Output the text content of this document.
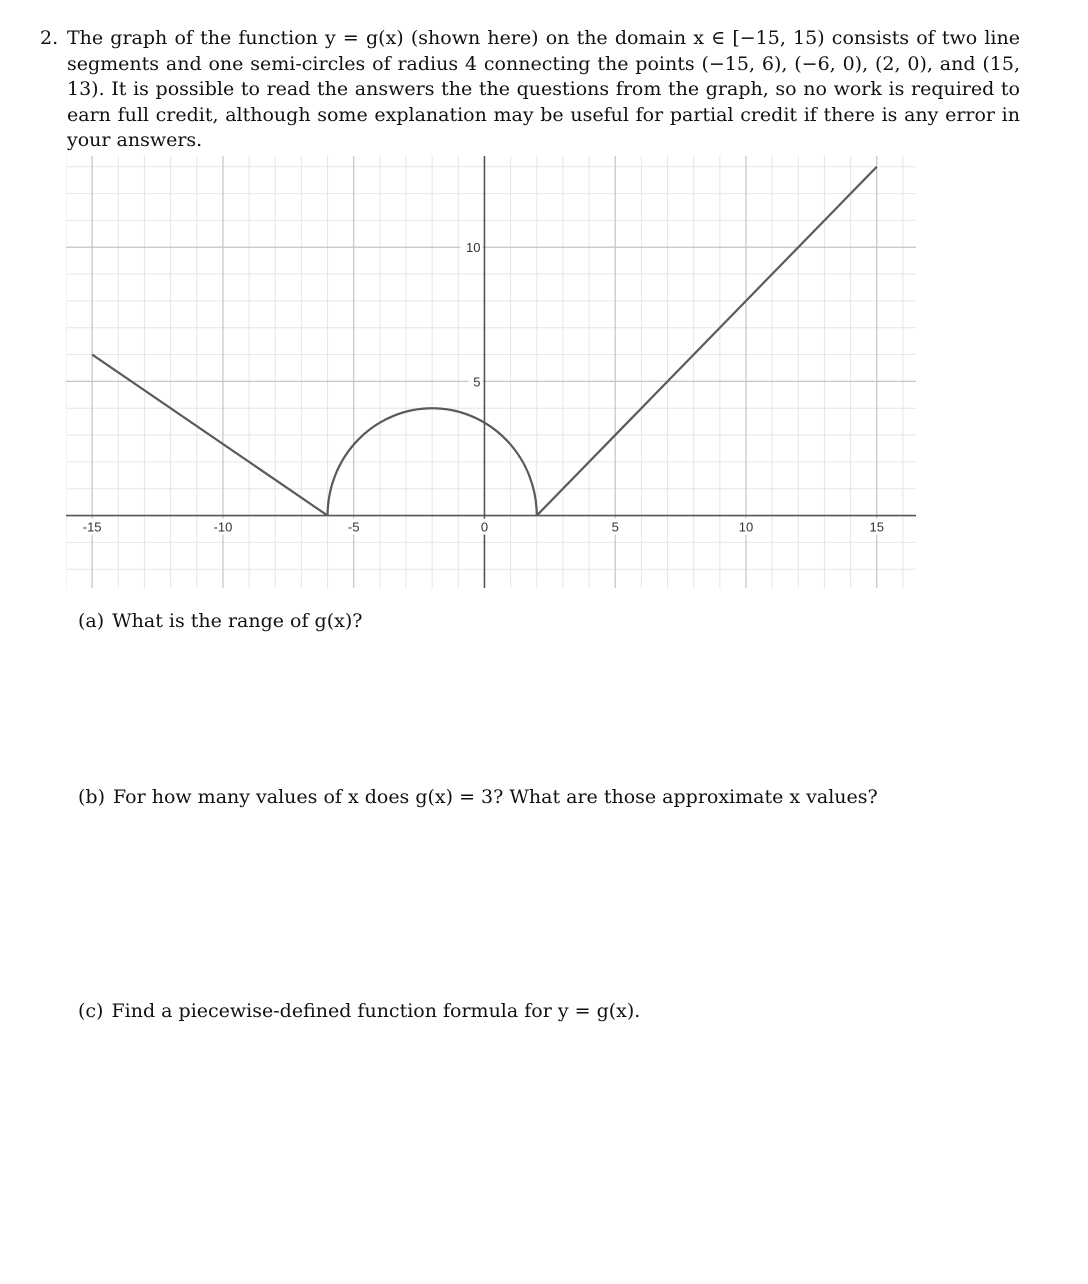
2. The graph of the function y = g(x) (shown here) on the domain x ∈ [−15, 15) consists of two line segments and one semi-circles of radius 4 connecting the points (−15, 6), (−6, 0), (2, 0), and (15, 13). It is possible to read the answers the the questions from the graph, so no work is required to earn full credit, although some explanation may be useful for partial credit if there is any error in your answers.
-15	-10	-5	0	5	10	15
5
10
(a) What is the range of g(x)?
(b) For how many values of x does g(x) = 3? What are those approximate x values?
(c) Find a piecewise-defined function formula for y = g(x).
